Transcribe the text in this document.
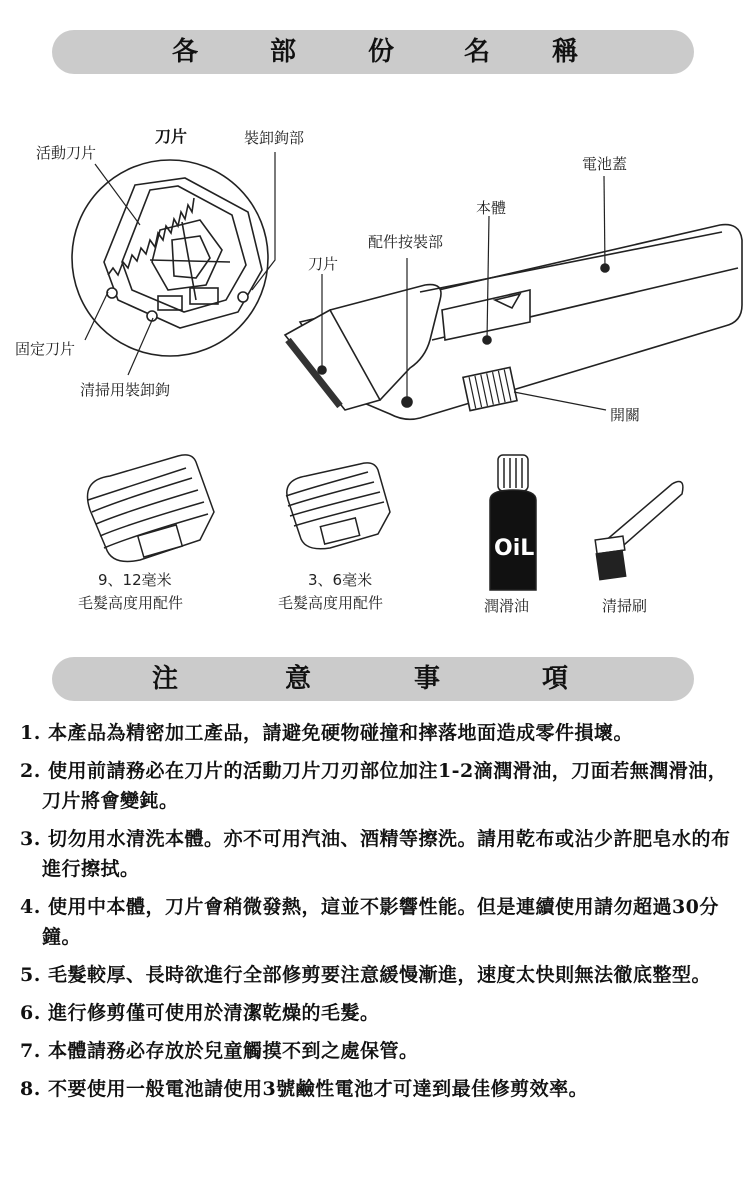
各	部	份	名 稱
活動刀片
刀片	裝卸鉤部
電池蓋
本體
配件按裝部
刀片
固定刀片
清掃用裝卸鉤
開關
9、12毫米
毛髮高度用配件
3、6毫米
毛髮高度用配件
OiL
潤滑油	清掃刷
注	意	事	項
1. 本產品為精密加工產品，請避免硬物碰撞和摔落地面造成零件損壞。
2. 使用前請務必在刀片的活動刀片刀刃部位加注1-2滴潤滑油，刀面若無潤滑油，刀片將會變鈍。
3. 切勿用水清洗本體。亦不可用汽油、酒精等擦洗。請用乾布或沾少許肥皂水的布進行擦拭。
4. 使用中本體，刀片會稍微發熱，這並不影響性能。但是連續使用請勿超過30分鐘。
5. 毛髮較厚、長時欲進行全部修剪要注意緩慢漸進，速度太快則無法徹底整型。
6. 進行修剪僅可使用於清潔乾燥的毛髮。
7. 本體請務必存放於兒童觸摸不到之處保管。
8. 不要使用一般電池請使用3號鹼性電池才可達到最佳修剪效率。
